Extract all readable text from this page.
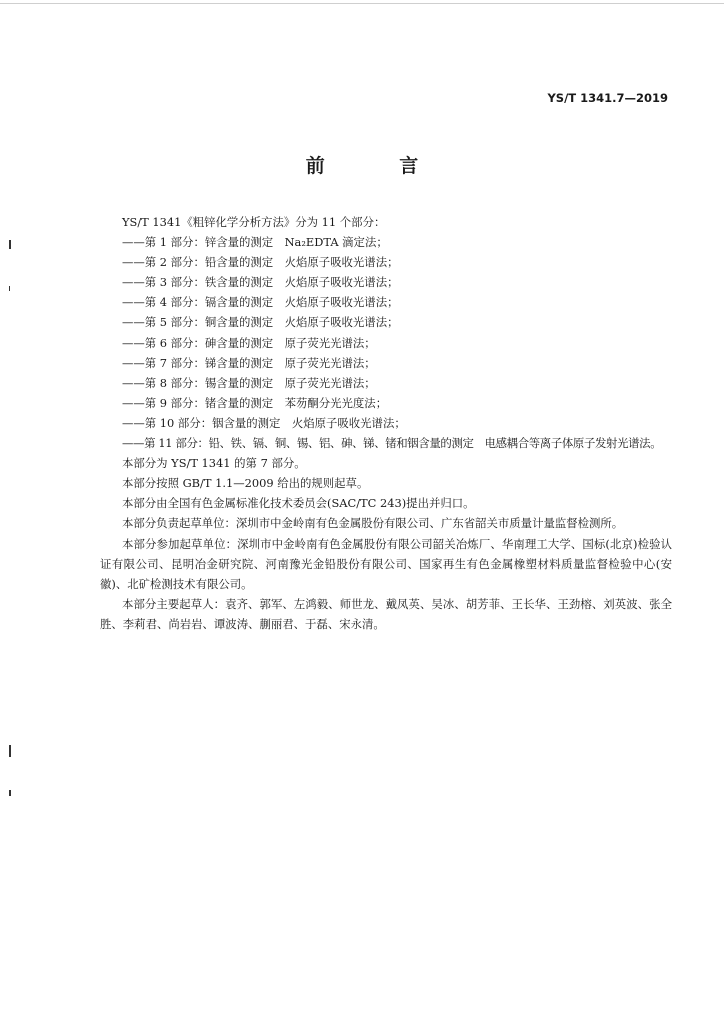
YS/T 1341.7—2019
前 言

YS/T 1341《粗锌化学分析方法》分为 11 个部分：

——第 1 部分：锌含量的测定　Na₂EDTA 滴定法；

——第 2 部分：铅含量的测定　火焰原子吸收光谱法；

——第 3 部分：铁含量的测定　火焰原子吸收光谱法；

——第 4 部分：镉含量的测定　火焰原子吸收光谱法；

——第 5 部分：铜含量的测定　火焰原子吸收光谱法；

——第 6 部分：砷含量的测定　原子荧光光谱法；

——第 7 部分：锑含量的测定　原子荧光光谱法；

——第 8 部分：锡含量的测定　原子荧光光谱法；

——第 9 部分：锗含量的测定　苯芴酮分光光度法；

——第 10 部分：铟含量的测定　火焰原子吸收光谱法；

——第 11 部分：铅、铁、镉、铜、锡、铝、砷、锑、锗和铟含量的测定　电感耦合等离子体原子发射光谱法。

本部分为 YS/T 1341 的第 7 部分。

本部分按照 GB/T 1.1—2009 给出的规则起草。

本部分由全国有色金属标准化技术委员会(SAC/TC 243)提出并归口。

本部分负责起草单位：深圳市中金岭南有色金属股份有限公司、广东省韶关市质量计量监督检测所。

本部分参加起草单位：深圳市中金岭南有色金属股份有限公司韶关冶炼厂、华南理工大学、国标(北京)检验认证有限公司、昆明冶金研究院、河南豫光金铅股份有限公司、国家再生有色金属橡塑材料质量监督检验中心(安徽)、北矿检测技术有限公司。

本部分主要起草人：袁齐、郭军、左鸿毅、师世龙、戴凤英、吴冰、胡芳菲、王长华、王劲榕、刘英波、张全胜、李莉君、尚岩岩、谭波涛、蒯丽君、于磊、宋永清。
